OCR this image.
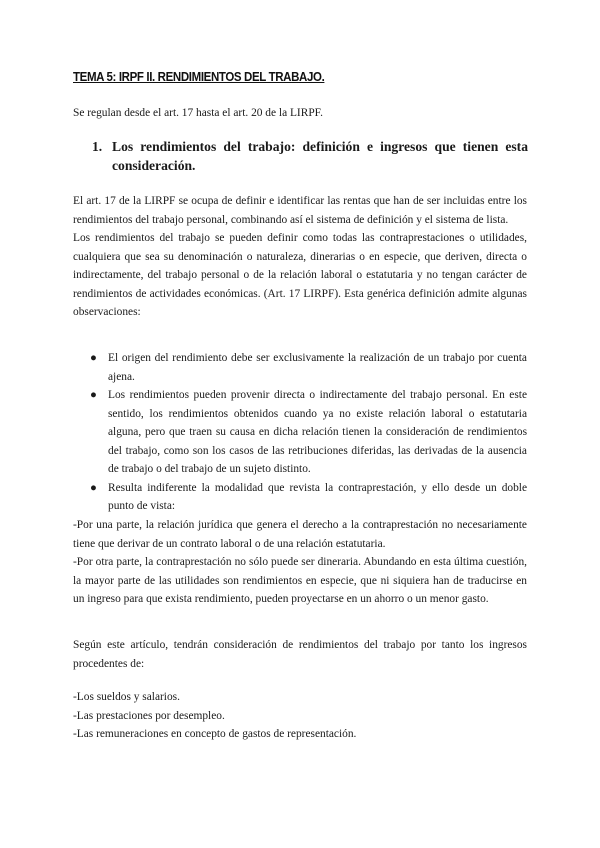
TEMA 5: IRPF II. RENDIMIENTOS DEL TRABAJO.

Se regulan desde el art. 17 hasta el art. 20 de la LIRPF.

1. Los rendimientos del trabajo: definición e ingresos que tienen esta consideración.
El art. 17 de la LIRPF se ocupa de definir e identificar las rentas que han de ser incluidas entre los rendimientos del trabajo personal, combinando así el sistema de definición y el sistema de lista.
Los rendimientos del trabajo se pueden definir como todas las contraprestaciones o utilidades, cualquiera que sea su denominación o naturaleza, dinerarias o en especie, que deriven, directa o indirectamente, del trabajo personal o de la relación laboral o estatutaria y no tengan carácter de rendimientos de actividades económicas. (Art. 17 LIRPF). Esta genérica definición admite algunas observaciones:
● El origen del rendimiento debe ser exclusivamente la realización de un trabajo por cuenta ajena.
● Los rendimientos pueden provenir directa o indirectamente del trabajo personal. En este sentido, los rendimientos obtenidos cuando ya no existe relación laboral o estatutaria alguna, pero que traen su causa en dicha relación tienen la consideración de rendimientos del trabajo, como son los casos de las retribuciones diferidas, las derivadas de la ausencia de trabajo o del trabajo de un sujeto distinto.
● Resulta indiferente la modalidad que revista la contraprestación, y ello desde un doble punto de vista:
-Por una parte, la relación jurídica que genera el derecho a la contraprestación no necesariamente tiene que derivar de un contrato laboral o de una relación estatutaria.
-Por otra parte, la contraprestación no sólo puede ser dineraria. Abundando en esta última cuestión, la mayor parte de las utilidades son rendimientos en especie, que ni siquiera han de traducirse en un ingreso para que exista rendimiento, pueden proyectarse en un ahorro o un menor gasto.

Según este artículo, tendrán consideración de rendimientos del trabajo por tanto los ingresos procedentes de:

-Los sueldos y salarios.
-Las prestaciones por desempleo.
-Las remuneraciones en concepto de gastos de representación.
